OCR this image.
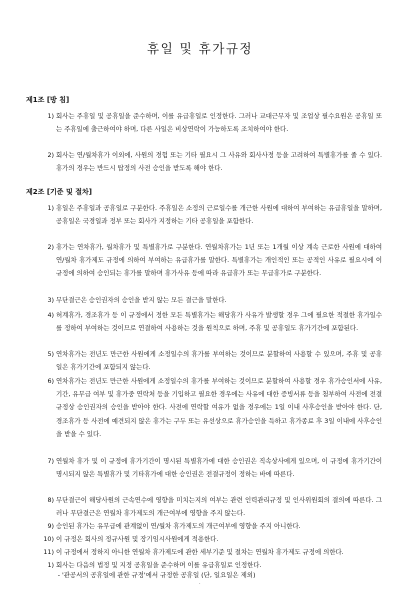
휴일 및 휴가규정
제1조 [방 침]
1) 회사는 주휴일 및 공휴일을 준수하며, 이를 유급휴일로 인정한다. 그러나 교대근무자 및 조업상 필수요원은 공휴일 또는 주휴일에 출근하여야 하며, 다른 사일은 비상연락이 가능하도록 조치하여야 한다.
2) 회사는 연/월차휴가 이외에, 사원의 경험 또는 기타 필요시 그 사유와 회사사정 등을 고려하여 특별휴가를 줄 수 있다. 휴가의 경우는 반드시 탑정의 사전 승인을 받도록 해야 한다.
제2조 [기준 및 절차]
1) 휴일은 주휴일과 공휴일로 구분한다. 주휴일은 소정의 근로일수를 개근한 사원에 대하여 부여하는 유급휴일을 말하며, 공휴일은 국경일과 정부 또는 회사가 지정하는 기타 공휴일을 포함한다.
2) 휴가는 연차휴가, 월차휴가 및 특별휴가로 구분한다. 연월차휴가는 1년 또는 1개월 이상 계속 근로한 사원에 대하여 연/월차 휴가제도 규정에 의하여 부여하는 유급휴가를 말한다. 특별휴가는 개인적인 또는 공적인 사유로 필요시에 이 규정에 의하여 승인되는 휴가를 말하며 휴가사유 등에 따라 유급휴가 또는 무급휴가로 구분한다.
3) 무단결근은 승인권자의 승인을 받지 않는 모든 결근을 말한다.
4) 허계휴가, 경조휴가 등 이 규정에서 정한 모든 특별휴가는 해당휴가 사유가 발생할 경우 그에 필요한 적절한 휴가일수를 정하여 부여하는 것이므로 연결하여 사용하는 것을 원칙으로 하며, 주휴 및 공휴일도 휴가기간에 포함된다.
5) 연차휴가는 전년도 만근한 사원에게 소정일수의 휴가를 부여하는 것이므로 분할하여 사용할 수 있으며, 주휴 및 공휴일은 휴가기간에 포함되지 않는다.
6) 연차휴가는 전년도 만근한 사원에게 소정일수의 휴가를 부여하는 것이므로 분할하여 사용할 경우 휴가승인서에 사유, 기간, 유무급 여부 및 휴가중 연락처 등을 기입하고 필요한 경우에는 사유에 대한 증빙서류 등을 첨부하여 사전에 전결규정상 승인권자의 승인을 받아야 한다. 사전에 연락할 여유가 없을 경우에는 1일 이내 사후승인을 받아야 한다. 단, 경조휴가 등 사전에 예견되지 않은 휴가는 구두 또는 유선상으로 휴가승인을 득하고 휴가종료 후 3일 이내에 사후승인을 받을 수 있다.
7) 연월차 휴가 및 이 규정에 휴가기간이 명시된 특별휴가에 대한 승인권은 직속상사에게 있으며, 이 규정에 휴가기간이 명시되지 않은 특별휴가 및 기타휴가에 대한 승인권은 전결규정이 정하는 바에 따른다.
8) 무단결근이 해당사원의 근속연수에 영향을 미치는지의 여부는 관련 인력관리규정 및 인사위원회의 결의에 따른다. 그러나 무단결근은 연월차 휴가제도의 개근여부에 영향을 주지 않는다.
9) 승인된 휴가는 유무급에 관계없이 연/월차 휴가제도의 개근여부에 영향을 주지 아니한다.
10) 이 규정은 회사의 정규사원 및 장기임시사원에게 적용한다.
11) 이 규정에서 정하지 아니한 연월차 휴가제도에 관한 세부기준 및 절차는 연월차 휴가제도 규정에 의한다.
1) 회사는 다음의 법정 및 지정 공휴일을 준수하며 이를 유급휴일로 인정한다.
- '관공서의 공휴일에 관한 규정'에서 규정한 공휴일 (단, 일요일은 제외)
.
